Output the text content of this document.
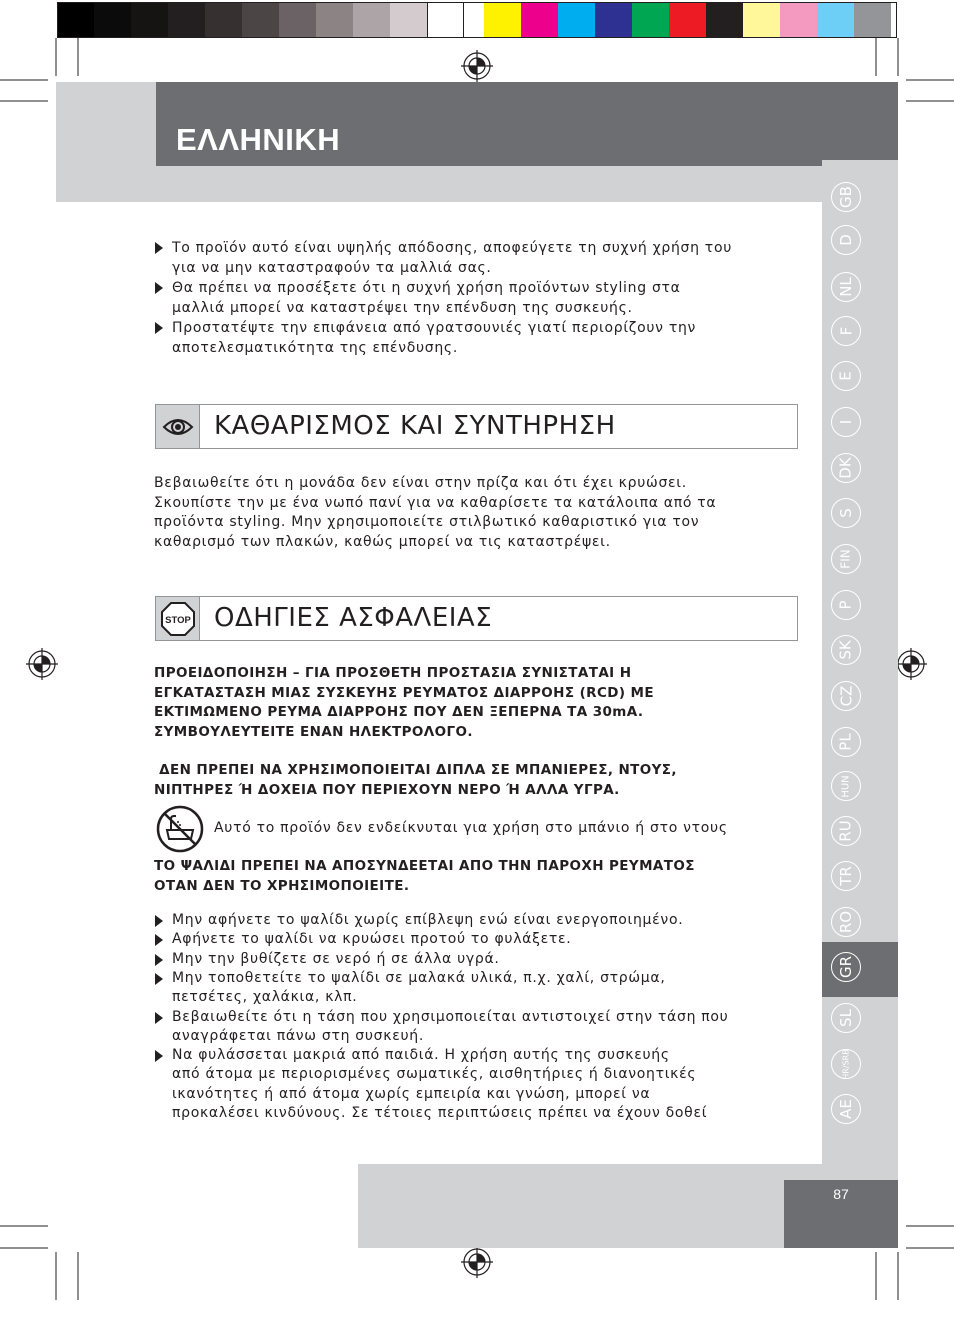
ΕΛΛΗΝΙΚΗ
GB
D
NL
F
E
I
DK
S
FIN
P
SK
CZ
PL
HUN
RU
TR
RO
GR
SL
HR/SRB
AE
Το προϊόν αυτό είναι υψηλής απόδοσης, αποφεύγετε τη συχνή χρήση του
για να μην καταστραφούν τα μαλλιά σας.
Θα πρέπει να προσέξετε ότι η συχνή χρήση προϊόντων styling στα
μαλλιά μπορεί να καταστρέψει την επένδυση της συσκευής.
Προστατέψτε την επιφάνεια από γρατσουνιές γιατί περιορίζουν την
αποτελεσματικότητα της επένδυσης.
ΚΑΘΑΡΙΣΜΟΣ ΚΑΙ ΣΥΝΤΗΡΗΣΗ
Βεβαιωθείτε ότι η μονάδα δεν είναι στην πρίζα και ότι έχει κρυώσει.
Σκουπίστε την με ένα νωπό πανί για να καθαρίσετε τα κατάλοιπα από τα
προϊόντα styling. Μην χρησιμοποιείτε στιλβωτικό καθαριστικό για τον
καθαρισμό των πλακών, καθώς μπορεί να τις καταστρέψει.
STOP ΟΔΗΓΙΕΣ ΑΣΦΑΛΕΙΑΣ
ΠΡΟΕΙΔΟΠΟΙΗΣΗ – ΓΙΑ ΠΡΟΣΘΕΤΗ ΠΡΟΣΤΑΣΙΑ ΣΥΝΙΣΤΑΤΑΙ Η
ΕΓΚΑΤΑΣΤΑΣΗ ΜΙΑΣ ΣΥΣΚΕΥΗΣ ΡΕΥΜΑΤΟΣ ΔΙΑΡΡΟΗΣ (RCD) ΜΕ
ΕΚΤΙΜΩΜΕΝΟ ΡΕΥΜΑ ΔΙΑΡΡΟΗΣ ΠΟΥ ΔΕΝ ΞΕΠΕΡΝΑ ΤΑ 30mA.
ΣΥΜΒΟΥΛΕΥΤΕΙΤΕ ΕΝΑΝ ΗΛΕΚΤΡΟΛΟΓΟ.
ΔΕΝ ΠΡΕΠΕΙ ΝΑ ΧΡΗΣΙΜΟΠΟΙΕΙΤΑΙ ΔΙΠΛΑ ΣΕ ΜΠΑΝΙΕΡΕΣ, ΝΤΟΥΣ,
ΝΙΠΤΗΡΕΣ Ή ΔΟΧΕΙΑ ΠΟΥ ΠΕΡΙΕΧΟΥΝ ΝΕΡΟ Ή ΑΛΛΑ ΥΓΡΑ.
Αυτό το προϊόν δεν ενδείκνυται για χρήση στο μπάνιο ή στο ντους
ΤΟ ΨΑΛΙΔΙ ΠΡΕΠΕΙ ΝΑ ΑΠΟΣΥΝΔΕΕΤΑΙ ΑΠΟ ΤΗΝ ΠΑΡΟΧΗ ΡΕΥΜΑΤΟΣ
ΟΤΑΝ ΔΕΝ ΤΟ ΧΡΗΣΙΜΟΠΟΙΕΙΤΕ.
Μην αφήνετε το ψαλίδι χωρίς επίβλεψη ενώ είναι ενεργοποιημένο.
Αφήνετε το ψαλίδι να κρυώσει προτού το φυλάξετε.
Μην την βυθίζετε σε νερό ή σε άλλα υγρά.
Μην τοποθετείτε το ψαλίδι σε μαλακά υλικά, π.χ. χαλί, στρώμα,
πετσέτες, χαλάκια, κλπ.
Βεβαιωθείτε ότι η τάση που χρησιμοποιείται αντιστοιχεί στην τάση που
αναγράφεται πάνω στη συσκευή.
Να φυλάσσεται μακριά από παιδιά. Η χρήση αυτής της συσκευής
από άτομα με περιορισμένες σωματικές, αισθητήριες ή διανοητικές
ικανότητες ή από άτομα χωρίς εμπειρία και γνώση, μπορεί να
προκαλέσει κινδύνους. Σε τέτοιες περιπτώσεις πρέπει να έχουν δοθεί
87
